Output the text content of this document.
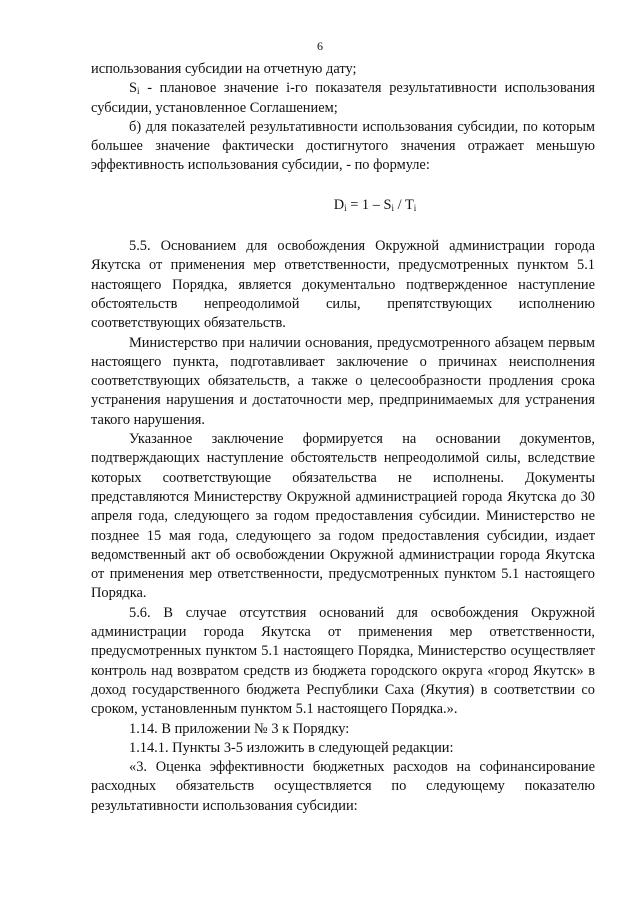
6

использования субсидии на отчетную дату;

$S_i$ - плановое значение i-го показателя результативности использования субсидии, установленное Соглашением;

б) для показателей результативности использования субсидии, по которым большее значение фактически достигнутого значения отражает меньшую эффективность использования субсидии, - по формуле:

$D_i = 1 - S_i / T_i$

5.5. Основанием для освобождения Окружной администрации города Якутска от применения мер ответственности, предусмотренных пунктом 5.1 настоящего Порядка, является документально подтвержденное наступление обстоятельств непреодолимой силы, препятствующих исполнению соответствующих обязательств.

Министерство при наличии основания, предусмотренного абзацем первым настоящего пункта, подготавливает заключение о причинах неисполнения соответствующих обязательств, а также о целесообразности продления срока устранения нарушения и достаточности мер, предпринимаемых для устранения такого нарушения.

Указанное заключение формируется на основании документов, подтверждающих наступление обстоятельств непреодолимой силы, вследствие которых соответствующие обязательства не исполнены. Документы представляются Министерству Окружной администрацией города Якутска до 30 апреля года, следующего за годом предоставления субсидии. Министерство не позднее 15 мая года, следующего за годом предоставления субсидии, издает ведомственный акт об освобождении Окружной администрации города Якутска от применения мер ответственности, предусмотренных пунктом 5.1 настоящего Порядка.

5.6. В случае отсутствия оснований для освобождения Окружной администрации города Якутска от применения мер ответственности, предусмотренных пунктом 5.1 настоящего Порядка, Министерство осуществляет контроль над возвратом средств из бюджета городского округа «город Якутск» в доход государственного бюджета Республики Саха (Якутия) в соответствии со сроком, установленным пунктом 5.1 настоящего Порядка.».

1.14. В приложении № 3 к Порядку:

1.14.1. Пункты 3-5 изложить в следующей редакции:

«3. Оценка эффективности бюджетных расходов на софинансирование расходных обязательств осуществляется по следующему показателю результативности использования субсидии:
